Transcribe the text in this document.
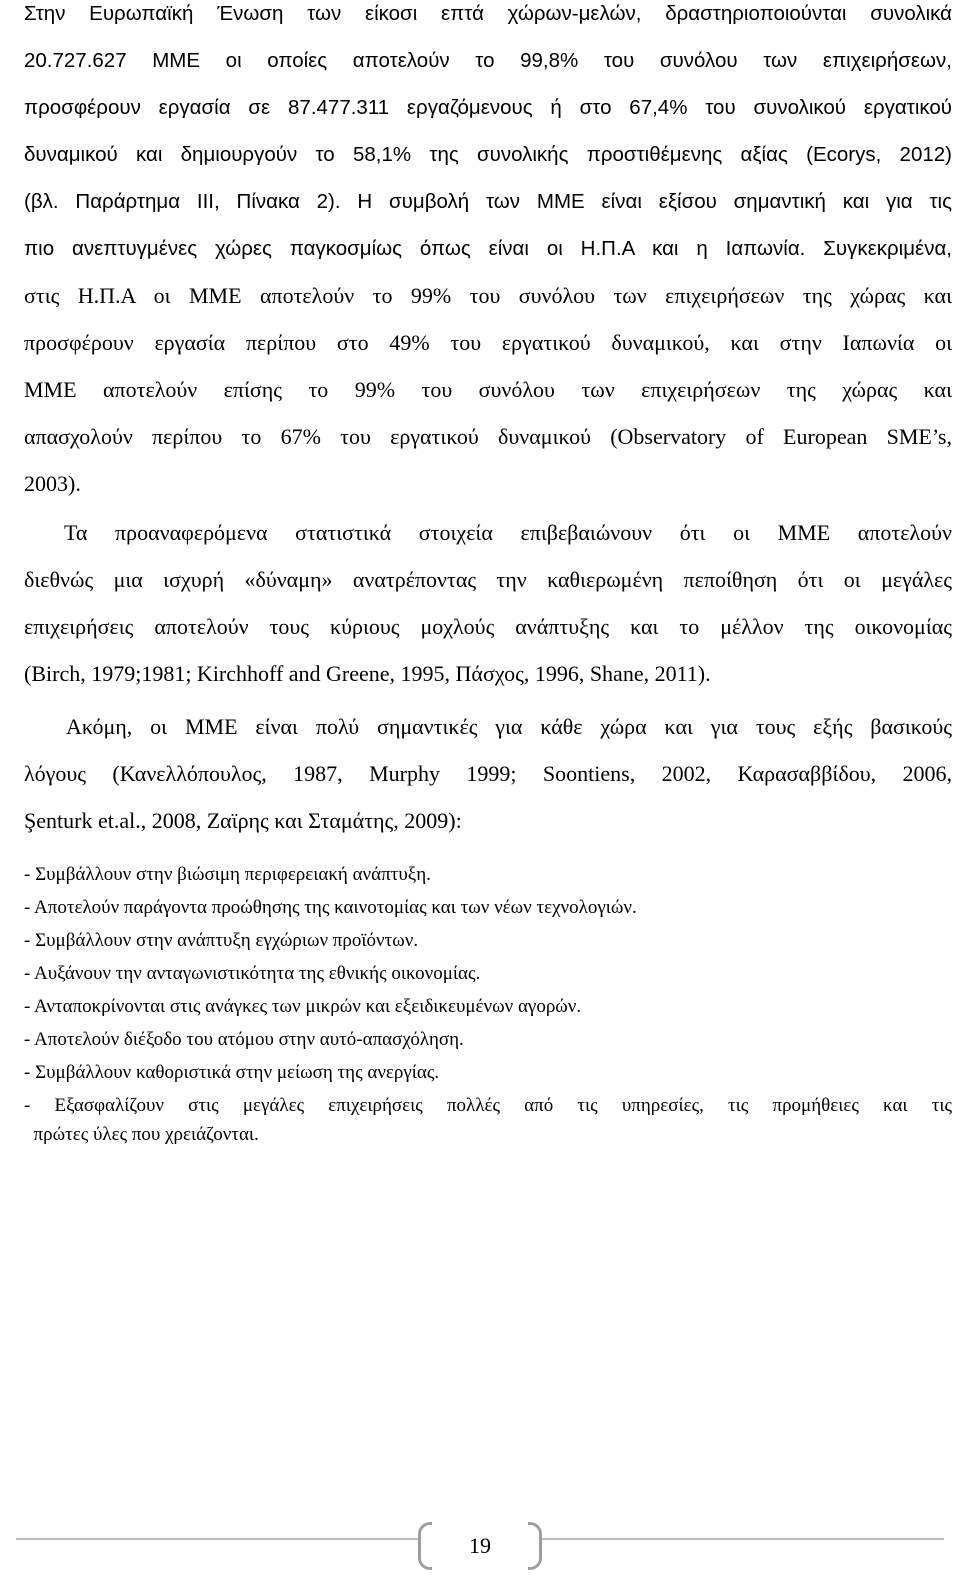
Στην Ευρωπαϊκή Ένωση των είκοσι επτά χώρων-μελών, δραστηριοποιούνται συνολικά
20.727.627 ΜΜΕ οι οποίες αποτελούν το 99,8% του συνόλου των επιχειρήσεων,
προσφέρουν εργασία σε 87.477.311 εργαζόμενους ή στο 67,4% του συνολικού εργατικού
δυναμικού και δημιουργούν το 58,1% της συνολικής προστιθέμενης αξίας (Ecorys, 2012)
(βλ. Παράρτημα ΙΙΙ, Πίνακα 2). Η συμβολή των ΜΜΕ είναι εξίσου σημαντική και για τις
πιο ανεπτυγμένες χώρες παγκοσμίως όπως είναι οι Η.Π.Α και η Ιαπωνία. Συγκεκριμένα,
στις Η.Π.Α οι ΜΜΕ αποτελούν το 99% του συνόλου των επιχειρήσεων της χώρας και
προσφέρουν εργασία περίπου στο 49% του εργατικού δυναμικού, και στην Ιαπωνία οι
ΜΜΕ αποτελούν επίσης το 99% του συνόλου των επιχειρήσεων της χώρας και
απασχολούν περίπου το 67% του εργατικού δυναμικού (Observatory of European SME’s,
2003).
Τα προαναφερόμενα στατιστικά στοιχεία επιβεβαιώνουν ότι οι ΜΜΕ αποτελούν
διεθνώς μια ισχυρή «δύναμη» ανατρέποντας την καθιερωμένη πεποίθηση ότι οι μεγάλες
επιχειρήσεις αποτελούν τους κύριους μοχλούς ανάπτυξης και το μέλλον της οικονομίας
(Birch, 1979;1981; Kirchhoff and Greene, 1995, Πάσχος, 1996, Shane, 2011).
Ακόμη, οι ΜΜΕ είναι πολύ σημαντικές για κάθε χώρα και για τους εξής βασικούς
λόγους (Κανελλόπουλος, 1987, Murphy 1999; Soontiens, 2002, Καρασαββίδου, 2006,
Şenturk et.al., 2008, Ζαϊρης και Σταμάτης, 2009):
- Συμβάλλουν στην βιώσιμη περιφερειακή ανάπτυξη.
- Αποτελούν παράγοντα προώθησης της καινοτομίας και των νέων τεχνολογιών.
- Συμβάλλουν στην ανάπτυξη εγχώριων προϊόντων.
- Αυξάνουν την ανταγωνιστικότητα της εθνικής οικονομίας.
- Ανταποκρίνονται στις ανάγκες των μικρών και εξειδικευμένων αγορών.
- Αποτελούν διέξοδο του ατόμου στην αυτό-απασχόληση.
- Συμβάλλουν καθοριστικά στην μείωση της ανεργίας.
- Εξασφαλίζουν στις μεγάλες επιχειρήσεις πολλές από τις υπηρεσίες, τις προμήθειες και τις
πρώτες ύλες που χρειάζονται.
19
